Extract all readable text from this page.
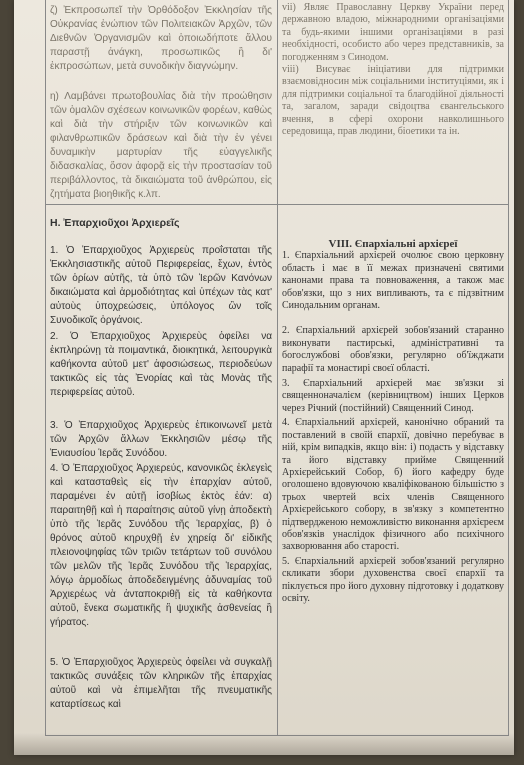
ζ) Ἐκπροσωπεῖ τὴν Ὀρθόδοξον Ἐκκλησίαν τῆς Οὐκρανίας ἐνώπιον τῶν Πολιτειακῶν Ἀρχῶν, τῶν Διεθνῶν Ὀργανισμῶν καὶ ὁποιωδήποτε ἄλλου παραστῇ ἀνάγκη, προσωπικῶς ἢ δι' ἐκπροσώπων, μετὰ συνοδικὴν διαγνώμην.

η) Λαμβάνει πρωτοβουλίας διὰ τὴν προώθησιν τῶν ὁμαλῶν σχέσεων κοινωνικῶν φορέων, καθὼς καὶ διὰ τὴν στήριξιν τῶν κοινωνικῶν καὶ φιλανθρωπικῶν δράσεων καὶ διὰ τὴν ἐν γένει δυναμικὴν μαρτυρίαν τῆς εὐαγγελικῆς διδασκαλίας, ὅσον ἀφορᾷ εἰς τὴν προστασίαν τοῦ περιβάλλοντος, τὰ δικαιώματα τοῦ ἀνθρώπου, εἰς ζητήματα βιοηθικῆς κ.λπ.

vii) Являє Православну Церкву України перед державною владою, міжнародними організаціями та будь-якими іншими організаціями в разі необхідності, особисто або через представників, за погодженням з Синодом.

viii) Висуває ініціативи для підтримки взаємовідносин між соціальними інституціями, як і для підтримки соціальної та благодійної діяльності та, загалом, заради свідоцтва євангельського вчення, в сфері охорони навколишнього середовища, прав людини, біоетики та ін.

Η. Ἐπαρχιοῦχοι Ἀρχιερεῖς

1. Ὁ Ἐπαρχιοῦχος Ἀρχιερεὺς προΐσταται τῆς Ἐκκλησιαστικῆς αὐτοῦ Περιφερείας, ἔχων, ἐντὸς τῶν ὁρίων αὐτῆς, τὰ ὑπὸ τῶν Ἱερῶν Κανόνων δικαιώματα καὶ ἁρμοδιότητας καὶ ὑπέχων τὰς κατ' αὐτοὺς ὑποχρεώσεις, ὑπόλογος ὢν τοῖς Συνοδικοῖς ὀργάνοις.

2. Ὁ Ἐπαρχιοῦχος Ἀρχιερεὺς ὀφείλει να ἐκπληρώνῃ τὰ ποιμαντικά, διοικητικά, λειτουργικὰ καθήκοντα αὐτοῦ μετ' ἀφοσιώσεως, περιοδεύων τακτικῶς εἰς τὰς Ἐνορίας καὶ τὰς Μονὰς τῆς περιφερείας αὐτοῦ.

3. Ὁ Ἐπαρχιοῦχος Ἀρχιερεὺς ἐπικοινωνεῖ μετὰ τῶν Ἀρχῶν ἄλλων Ἐκκλησιῶν μέσῳ τῆς Ἐνιαυσίου Ἱερᾶς Συνόδου.

4. Ὁ Ἐπαρχιοῦχος Ἀρχιερεύς, κανονικῶς ἐκλεγεὶς καὶ κατασταθεὶς εἰς τὴν ἐπαρχίαν αὐτοῦ, παραμένει ἐν αὐτῇ ἰσοβίως ἐκτὸς ἐάν: α) παραιτηθῇ καὶ ἡ παραίτησις αὐτοῦ γίνῃ ἀποδεκτὴ ὑπὸ τῆς Ἱερᾶς Συνόδου τῆς Ἱεραρχίας, β) ὁ θρόνος αὐτοῦ κηρυχθῇ ἐν χηρείᾳ δι' εἰδικῆς πλειονοψηφίας τῶν τριῶν τετάρτων τοῦ συνόλου τῶν μελῶν τῆς Ἱερᾶς Συνόδου τῆς Ἱεραρχίας, λόγῳ ἁρμοδίως ἀποδεδειγμένης ἀδυναμίας τοῦ Ἀρχιερέως νὰ ἀνταποκριθῇ εἰς τὰ καθήκοντα αὐτοῦ, ἕνεκα σωματικῆς ἢ ψυχικῆς ἀσθενείας ἢ γήρατος.

5. Ὁ Ἐπαρχιοῦχος Ἀρχιερεὺς ὀφείλει νὰ συγκαλῇ τακτικῶς συνάξεις τῶν κληρικῶν τῆς ἐπαρχίας αὐτοῦ καὶ νὰ ἐπιμελῆται τῆς πνευματικῆς καταρτίσεως καὶ

VIII. Єпархіальні архієреї

1. Єпархіальний архієрей очолює свою церковну область і має в її межах призначені святими канонами права та повноваження, а також має обов'язки, що з них випливають, та є підзвітним Синодальним органам.

2. Єпархіальний архієрей зобов'язаний старанно виконувати пастирські, адміністративні та богослужбові обов'язки, регулярно об'їжджати парафії та монастирі своєї області.

3. Єпархіальний архієрей має зв'язки зі священноначалієм (керівництвом) інших Церков через Річний (постійний) Священний Синод.

4. Єпархіальний архієрей, канонічно обраний та поставлений в своїй єпархії, довічно перебуває в ній, крім випадків, якщо він: і) подасть у відставку та його відставку прийме Священний Архієрейський Собор, б) його кафедру буде оголошено вдовуючою кваліфікованою більшістю з трьох чвертей всіх членів Священного Архієрейського собору, в зв'язку з компетентно підтвердженою неможливістю виконання архієреєм обов'язків унаслідок фізичного або психічного захворювання або старості.

5. Єпархіальний архієрей зобов'язаний регулярно скликати збори духовенства своєї єпархії та піклується про його духовну підготовку і додаткову освіту.
